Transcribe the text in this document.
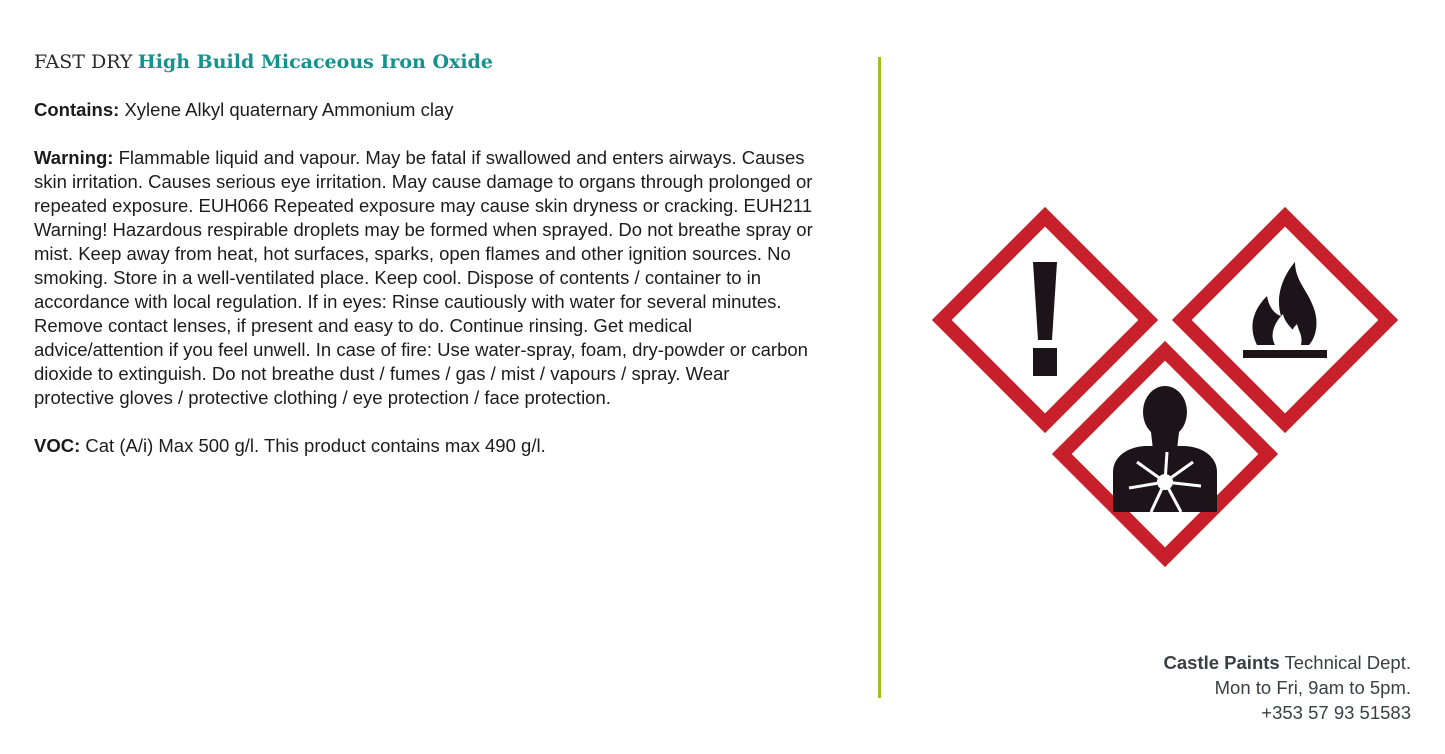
FAST DRY High Build Micaceous Iron Oxide

Contains: Xylene Alkyl quaternary Ammonium clay

Warning: Flammable liquid and vapour. May be fatal if swallowed and enters airways. Causes skin irritation. Causes serious eye irritation. May cause damage to organs through prolonged or repeated exposure. EUH066 Repeated exposure may cause skin dryness or cracking. EUH211 Warning! Hazardous respirable droplets may be formed when sprayed. Do not breathe spray or mist. Keep away from heat, hot surfaces, sparks, open flames and other ignition sources. No smoking. Store in a well-ventilated place. Keep cool. Dispose of contents / container to in accordance with local regulation. If in eyes: Rinse cautiously with water for several minutes. Remove contact lenses, if present and easy to do. Continue rinsing. Get medical advice/attention if you feel unwell. In case of fire: Use water-spray, foam, dry-powder or carbon dioxide to extinguish. Do not breathe dust / fumes / gas / mist / vapours / spray. Wear protective gloves / protective clothing / eye protection / face protection.

VOC: Cat (A/i) Max 500 g/l. This product contains max 490 g/l.

Castle Paints Technical Dept.
Mon to Fri, 9am to 5pm.
+353 57 93 51583
